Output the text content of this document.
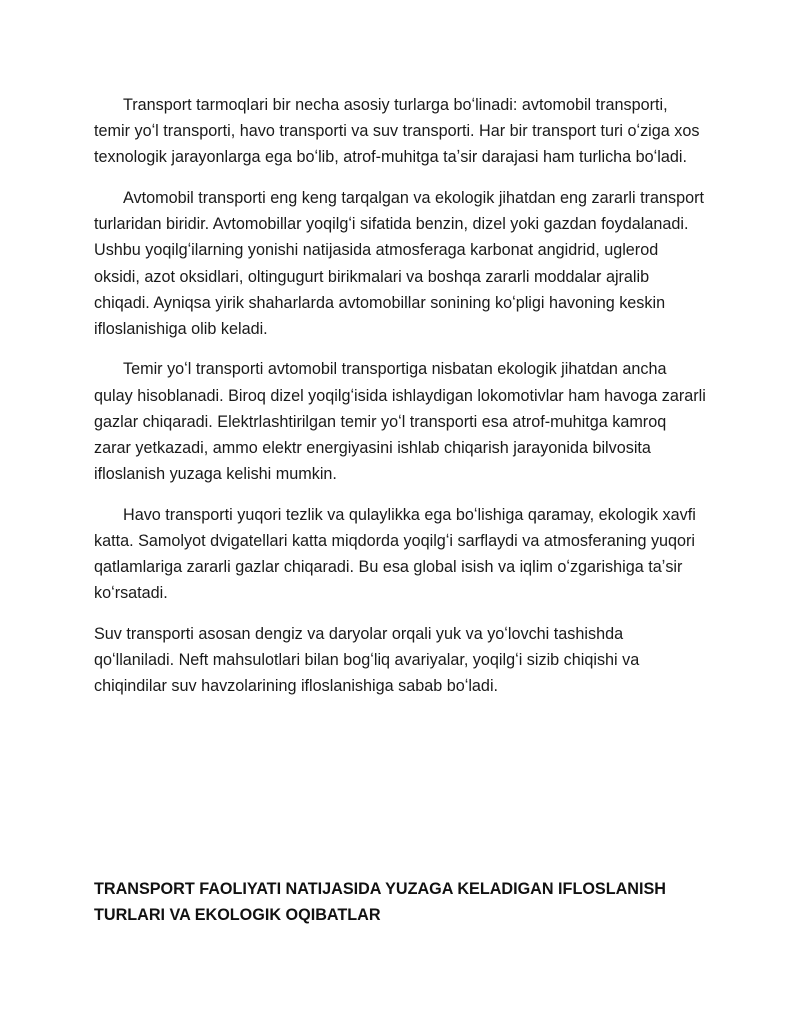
Transport tarmoqlari bir necha asosiy turlarga boʻlinadi: avtomobil transporti, temir yoʻl transporti, havo transporti va suv transporti. Har bir transport turi oʻziga xos texnologik jarayonlarga ega boʻlib, atrof-muhitga taʼsir darajasi ham turlicha boʻladi.

Avtomobil transporti eng keng tarqalgan va ekologik jihatdan eng zararli transport turlaridan biridir. Avtomobillar yoqilgʻi sifatida benzin, dizel yoki gazdan foydalanadi. Ushbu yoqilgʻilarning yonishi natijasida atmosferaga karbonat angidrid, uglerod oksidi, azot oksidlari, oltingugurt birikmalari va boshqa zararli moddalar ajralib chiqadi. Ayniqsa yirik shaharlarda avtomobillar sonining koʻpligi havoning keskin ifloslanishiga olib keladi.

Temir yoʻl transporti avtomobil transportiga nisbatan ekologik jihatdan ancha qulay hisoblanadi. Biroq dizel yoqilgʻisida ishlaydigan lokomotivlar ham havoga zararli gazlar chiqaradi. Elektrlashtirilgan temir yoʻl transporti esa atrof-muhitga kamroq zarar yetkazadi, ammo elektr energiyasini ishlab chiqarish jarayonida bilvosita ifloslanish yuzaga kelishi mumkin.

Havo transporti yuqori tezlik va qulaylikka ega boʻlishiga qaramay, ekologik xavfi katta. Samolyot dvigatellari katta miqdorda yoqilgʻi sarflaydi va atmosferaning yuqori qatlamlariga zararli gazlar chiqaradi. Bu esa global isish va iqlim oʻzgarishiga taʼsir koʻrsatadi.

Suv transporti asosan dengiz va daryolar orqali yuk va yoʻlovchi tashishda qoʻllaniladi. Neft mahsulotlari bilan bogʻliq avariyalar, yoqilgʻi sizib chiqishi va chiqindilar suv havzolarining ifloslanishiga sabab boʻladi.

TRANSPORT FAOLIYATI NATIJASIDA YUZAGA KELADIGAN IFLOSLANISH TURLARI VA EKOLOGIK OQIBATLAR
